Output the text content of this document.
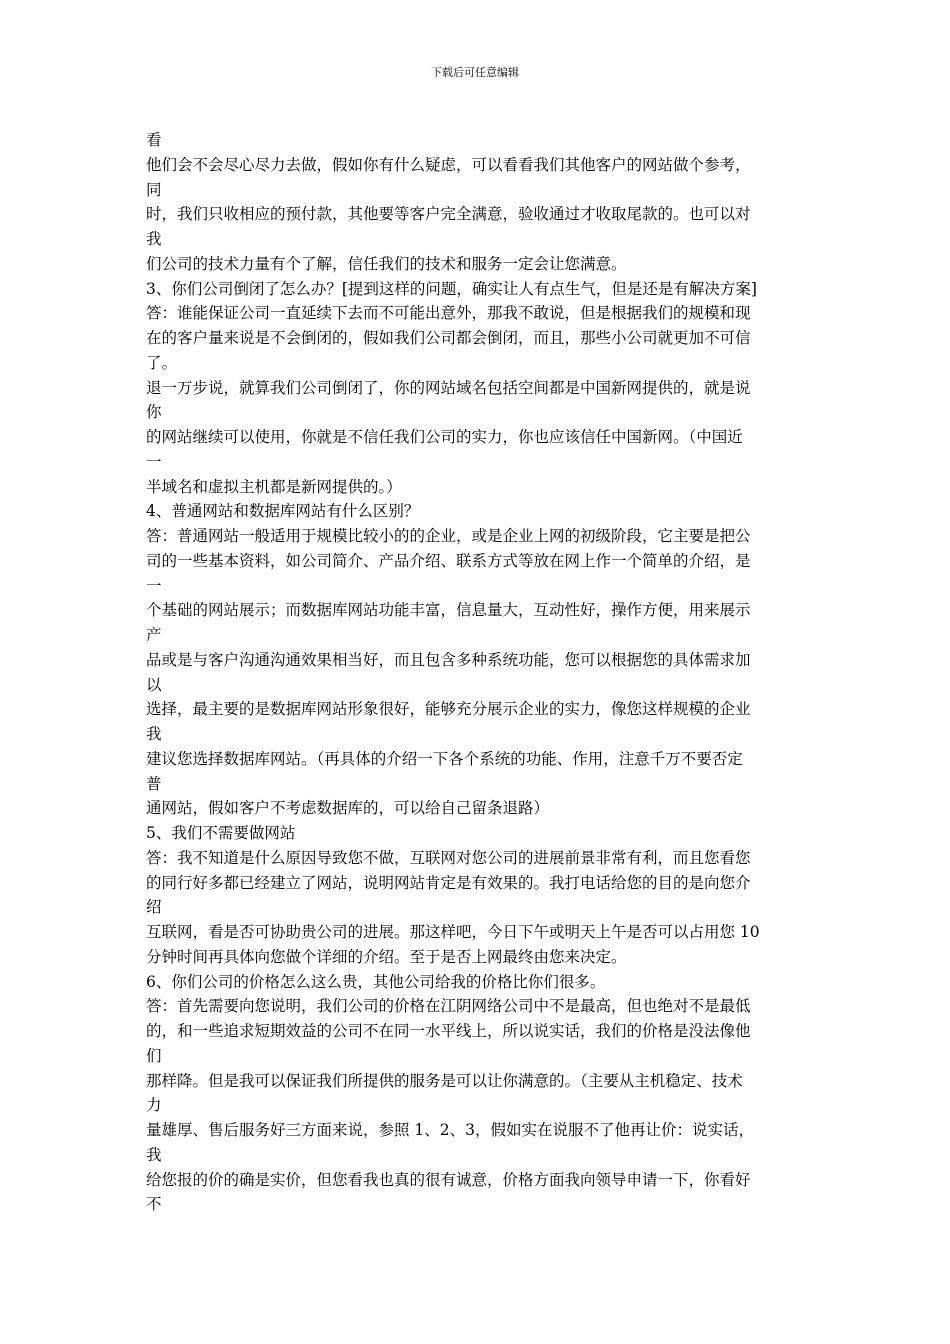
下载后可任意编辑
看
他们会不会尽心尽力去做，假如你有什么疑虑，可以看看我们其他客户的网站做个参考，
同
时，我们只收相应的预付款，其他要等客户完全满意，验收通过才收取尾款的。也可以对
我
们公司的技术力量有个了解，信任我们的技术和服务一定会让您满意。
3、你们公司倒闭了怎么办？[提到这样的问题，确实让人有点生气，但是还是有解决方案]
答：谁能保证公司一直延续下去而不可能出意外，那我不敢说，但是根据我们的规模和现
在的客户量来说是不会倒闭的，假如我们公司都会倒闭，而且，那些小公司就更加不可信
了。
退一万步说，就算我们公司倒闭了，你的网站域名包括空间都是中国新网提供的，就是说
你
的网站继续可以使用，你就是不信任我们公司的实力，你也应该信任中国新网。（中国近
一
半域名和虚拟主机都是新网提供的。）
4、普通网站和数据库网站有什么区别？
答：普通网站一般适用于规模比较小的的企业，或是企业上网的初级阶段，它主要是把公
司的一些基本资料，如公司简介、产品介绍、联系方式等放在网上作一个简单的介绍，是
一
个基础的网站展示；而数据库网站功能丰富，信息量大，互动性好，操作方便，用来展示
产
品或是与客户沟通沟通效果相当好，而且包含多种系统功能，您可以根据您的具体需求加
以
选择，最主要的是数据库网站形象很好，能够充分展示企业的实力，像您这样规模的企业
我
建议您选择数据库网站。（再具体的介绍一下各个系统的功能、作用，注意千万不要否定
普
通网站，假如客户不考虑数据库的，可以给自己留条退路）
5、我们不需要做网站
答：我不知道是什么原因导致您不做，互联网对您公司的进展前景非常有利，而且您看您
的同行好多都已经建立了网站，说明网站肯定是有效果的。我打电话给您的目的是向您介
绍
互联网，看是否可协助贵公司的进展。那这样吧，今日下午或明天上午是否可以占用您 10
分钟时间再具体向您做个详细的介绍。至于是否上网最终由您来决定。
6、你们公司的价格怎么这么贵，其他公司给我的价格比你们很多。
答：首先需要向您说明，我们公司的价格在江阴网络公司中不是最高，但也绝对不是最低
的，和一些追求短期效益的公司不在同一水平线上，所以说实话，我们的价格是没法像他
们
那样降。但是我可以保证我们所提供的服务是可以让你满意的。（主要从主机稳定、技术
力
量雄厚、售后服务好三方面来说，参照 1、2、3，假如实在说服不了他再让价：说实话，
我
给您报的价的确是实价，但您看我也真的很有诚意，价格方面我向领导申请一下，你看好
不
